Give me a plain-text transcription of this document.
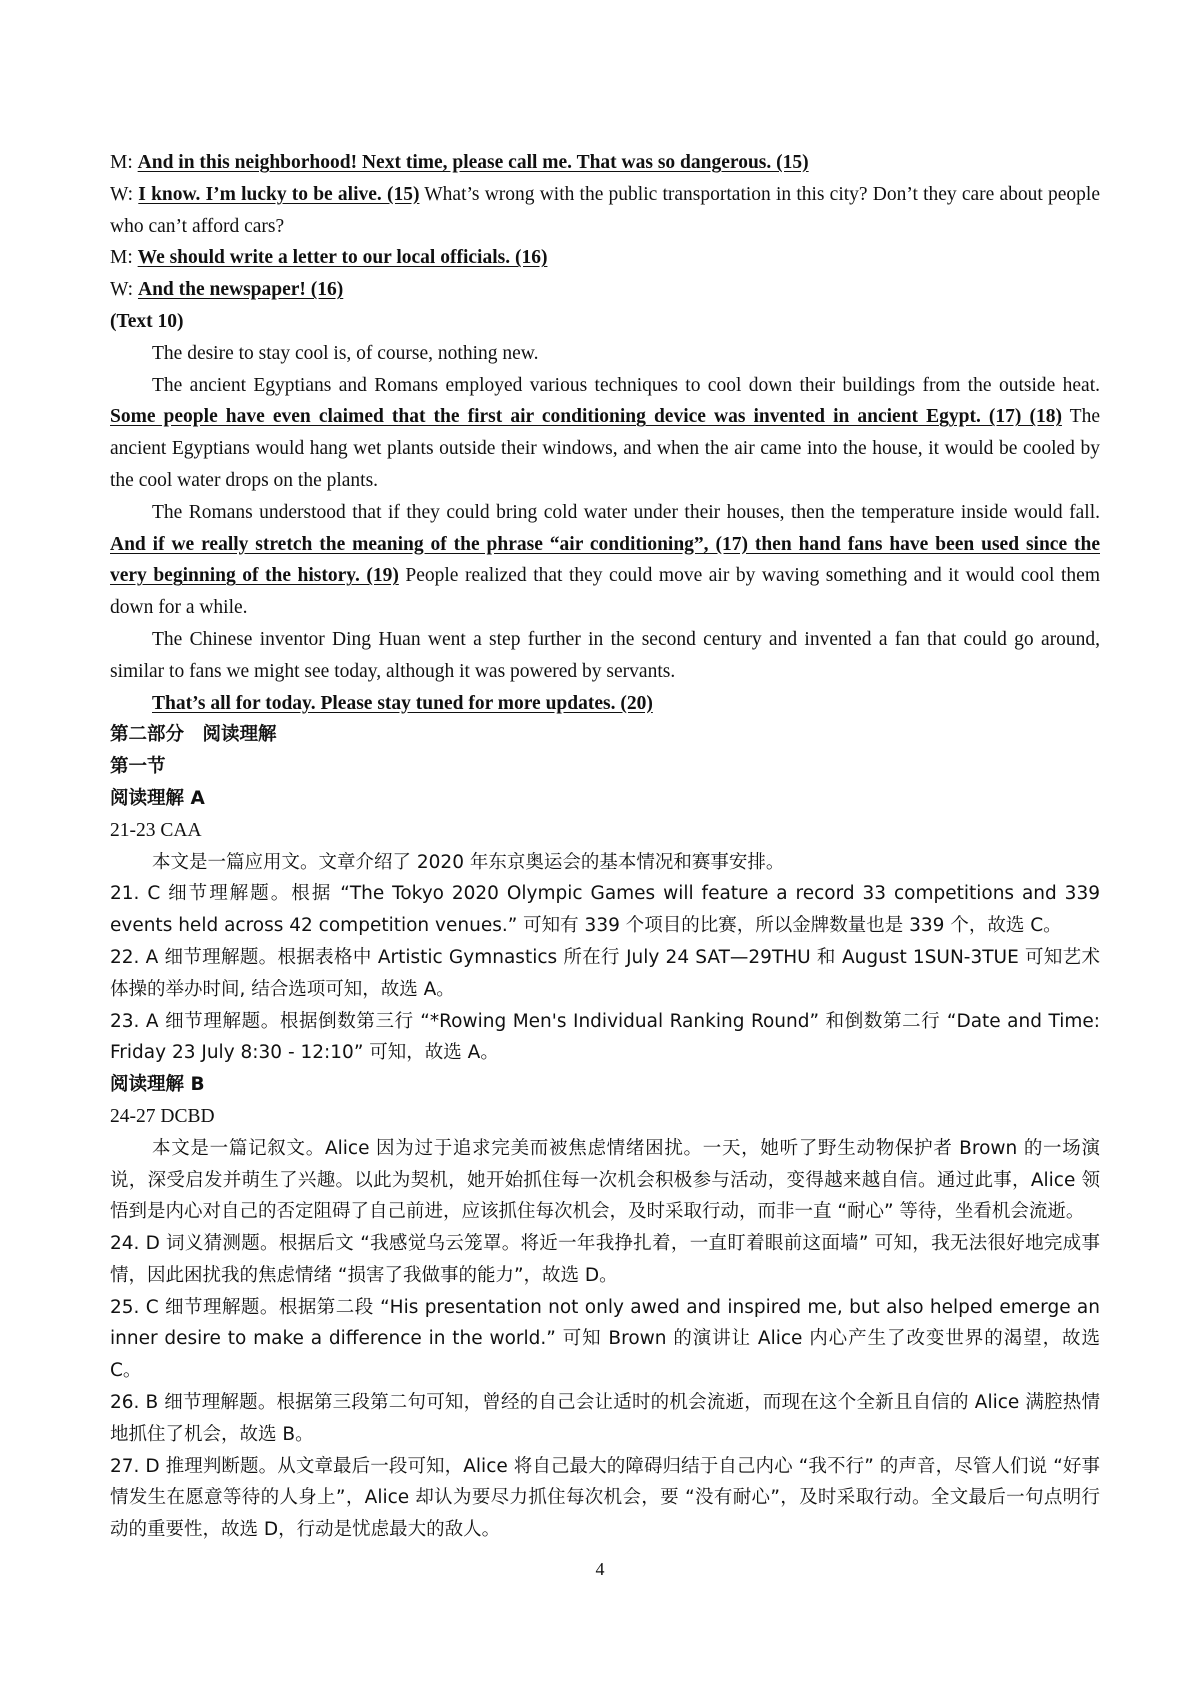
M: And in this neighborhood! Next time, please call me. That was so dangerous. (15)

W: I know. I’m lucky to be alive. (15) What’s wrong with the public transportation in this city? Don’t they care about people who can’t afford cars?

M: We should write a letter to our local officials. (16)

W: And the newspaper! (16)

(Text 10)

The desire to stay cool is, of course, nothing new.

The ancient Egyptians and Romans employed various techniques to cool down their buildings from the outside heat. Some people have even claimed that the first air conditioning device was invented in ancient Egypt. (17) (18) The ancient Egyptians would hang wet plants outside their windows, and when the air came into the house, it would be cooled by the cool water drops on the plants.

The Romans understood that if they could bring cold water under their houses, then the temperature inside would fall. And if we really stretch the meaning of the phrase “air conditioning”, (17) then hand fans have been used since the very beginning of the history. (19) People realized that they could move air by waving something and it would cool them down for a while.

The Chinese inventor Ding Huan went a step further in the second century and invented a fan that could go around, similar to fans we might see today, although it was powered by servants.

That’s all for today. Please stay tuned for more updates. (20)

第二部分　阅读理解

第一节

阅读理解 A

21-23 CAA

本文是一篇应用文。文章介绍了 2020 年东京奥运会的基本情况和赛事安排。

21. C 细节理解题。根据 “The Tokyo 2020 Olympic Games will feature a record 33 competitions and 339 events held across 42 competition venues.” 可知有 339 个项目的比赛，所以金牌数量也是 339 个，故选 C。

22. A 细节理解题。根据表格中 Artistic Gymnastics 所在行 July 24 SAT—29THU 和 August 1SUN-3TUE 可知艺术体操的举办时间, 结合选项可知，故选 A。

23. A 细节理解题。根据倒数第三行 “*Rowing Men's Individual Ranking Round” 和倒数第二行 “Date and Time: Friday 23 July 8:30 - 12:10” 可知，故选 A。

阅读理解 B

24-27 DCBD

本文是一篇记叙文。Alice 因为过于追求完美而被焦虑情绪困扰。一天，她听了野生动物保护者 Brown 的一场演说，深受启发并萌生了兴趣。以此为契机，她开始抓住每一次机会积极参与活动，变得越来越自信。通过此事，Alice 领悟到是内心对自己的否定阻碍了自己前进，应该抓住每次机会，及时采取行动，而非一直 “耐心” 等待，坐看机会流逝。

24. D 词义猜测题。根据后文 “我感觉乌云笼罩。将近一年我挣扎着，一直盯着眼前这面墙” 可知，我无法很好地完成事情，因此困扰我的焦虑情绪 “损害了我做事的能力”，故选 D。

25. C 细节理解题。根据第二段 “His presentation not only awed and inspired me, but also helped emerge an inner desire to make a difference in the world.” 可知 Brown 的演讲让 Alice 内心产生了改变世界的渴望，故选 C。

26. B 细节理解题。根据第三段第二句可知，曾经的自己会让适时的机会流逝，而现在这个全新且自信的 Alice 满腔热情地抓住了机会，故选 B。

27. D 推理判断题。从文章最后一段可知，Alice 将自己最大的障碍归结于自己内心 “我不行” 的声音，尽管人们说 “好事情发生在愿意等待的人身上”，Alice 却认为要尽力抓住每次机会，要 “没有耐心”，及时采取行动。全文最后一句点明行动的重要性，故选 D，行动是忧虑最大的敌人。

4
